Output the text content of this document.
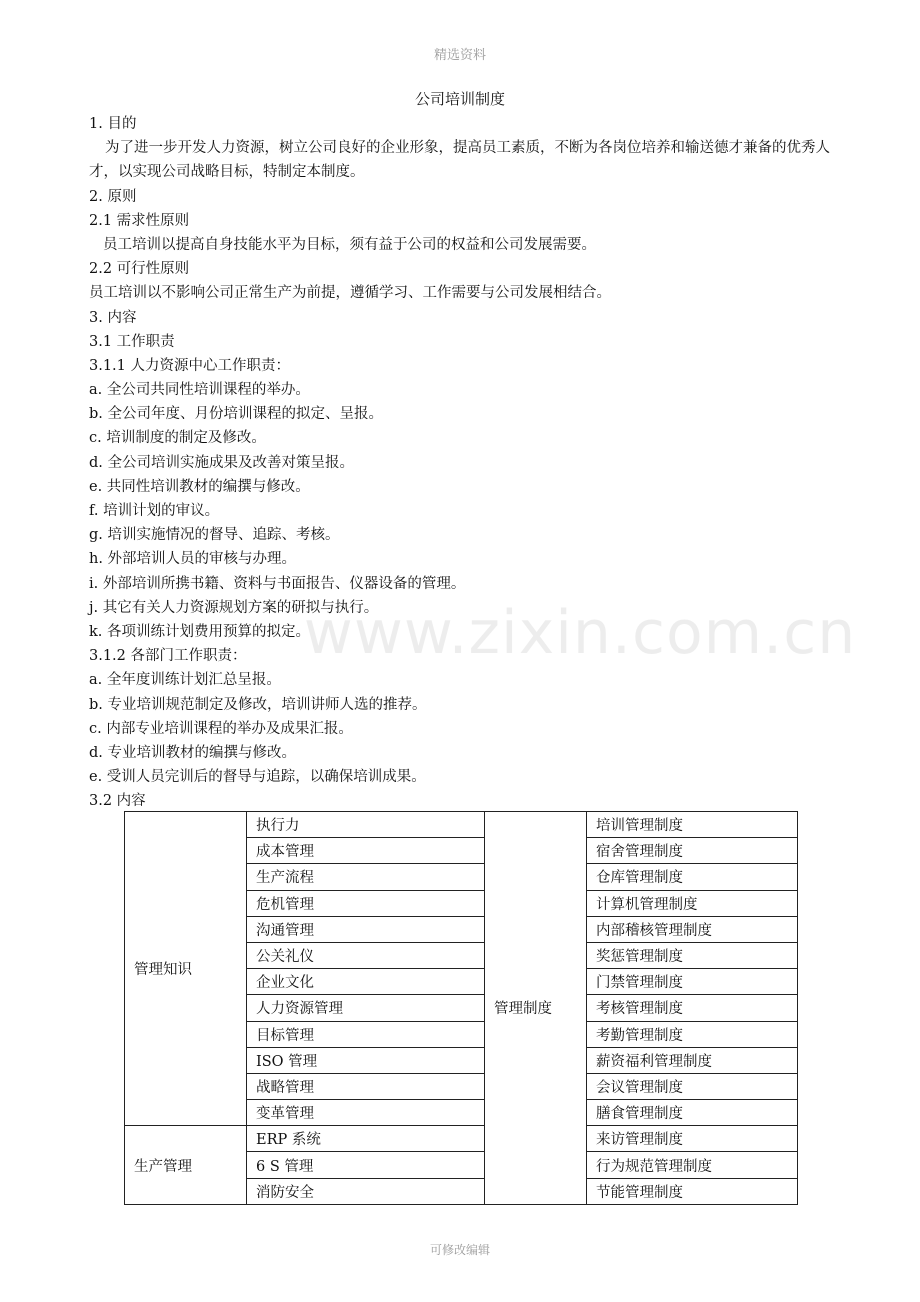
精选资料
www.zixin.com.cn
公司培训制度
1. 目的
为了进一步开发人力资源，树立公司良好的企业形象，提高员工素质，不断为各岗位培养和输送德才兼备的优秀人才，以实现公司战略目标，特制定本制度。
2. 原则
2.1 需求性原则
员工培训以提高自身技能水平为目标，须有益于公司的权益和公司发展需要。
2.2 可行性原则
员工培训以不影响公司正常生产为前提，遵循学习、工作需要与公司发展相结合。
3. 内容
3.1 工作职责
3.1.1 人力资源中心工作职责：
a. 全公司共同性培训课程的举办。
b. 全公司年度、月份培训课程的拟定、呈报。
c. 培训制度的制定及修改。
d. 全公司培训实施成果及改善对策呈报。
e. 共同性培训教材的编撰与修改。
f. 培训计划的审议。
g. 培训实施情况的督导、追踪、考核。
h. 外部培训人员的审核与办理。
i. 外部培训所携书籍、资料与书面报告、仪器设备的管理。
j. 其它有关人力资源规划方案的研拟与执行。
k. 各项训练计划费用预算的拟定。
3.1.2 各部门工作职责：
a. 全年度训练计划汇总呈报。
b. 专业培训规范制定及修改，培训讲师人选的推荐。
c. 内部专业培训课程的举办及成果汇报。
d. 专业培训教材的编撰与修改。
e. 受训人员完训后的督导与追踪，以确保培训成果。
3.2 内容
管理知识	执行力	管理制度	培训管理制度
	成本管理		宿舍管理制度
	生产流程		仓库管理制度
	危机管理		计算机管理制度
	沟通管理		内部稽核管理制度
	公关礼仪		奖惩管理制度
	企业文化		门禁管理制度
	人力资源管理		考核管理制度
	目标管理		考勤管理制度
	ISO 管理		薪资福利管理制度
	战略管理		会议管理制度
	变革管理		膳食管理制度
生产管理	ERP 系统		来访管理制度
	6 S 管理		行为规范管理制度
	消防安全		节能管理制度
可修改编辑
